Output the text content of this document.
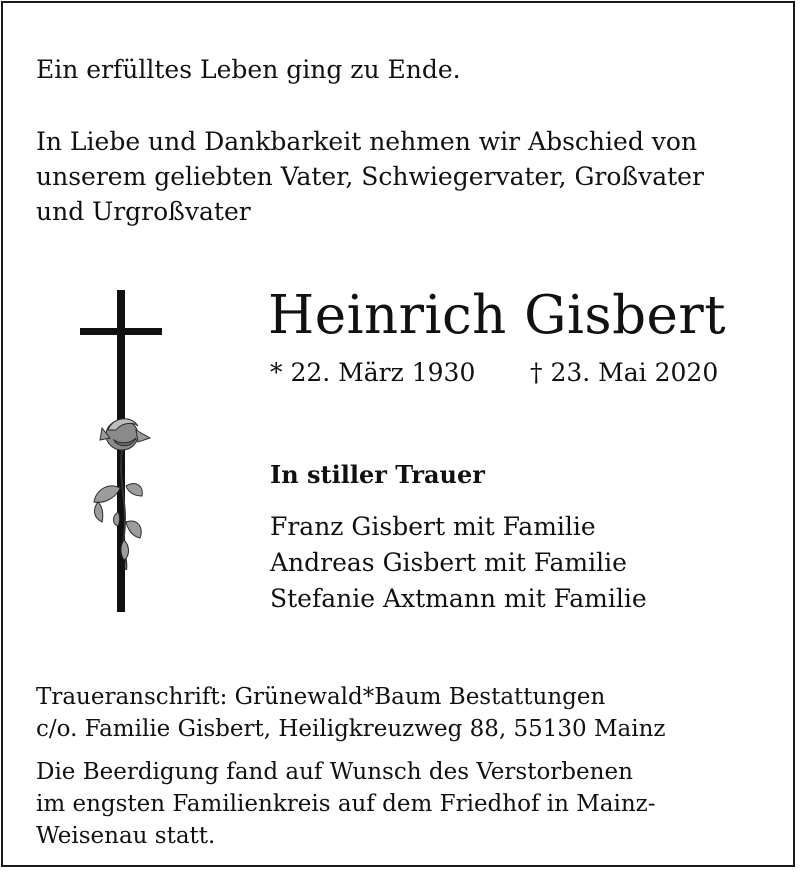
Ein erfülltes Leben ging zu Ende.
In Liebe und Dankbarkeit nehmen wir Abschied von
unserem geliebten Vater, Schwiegervater, Großvater
und Urgroßvater
Heinrich Gisbert
* 22. März 1930 † 23. Mai 2020
In stiller Trauer
Franz Gisbert mit Familie
Andreas Gisbert mit Familie
Stefanie Axtmann mit Familie
Traueranschrift: Grünewald*Baum Bestattungen
c/o. Familie Gisbert, Heiligkreuzweg 88, 55130 Mainz
Die Beerdigung fand auf Wunsch des Verstorbenen
im engsten Familienkreis auf dem Friedhof in Mainz-
Weisenau statt.
